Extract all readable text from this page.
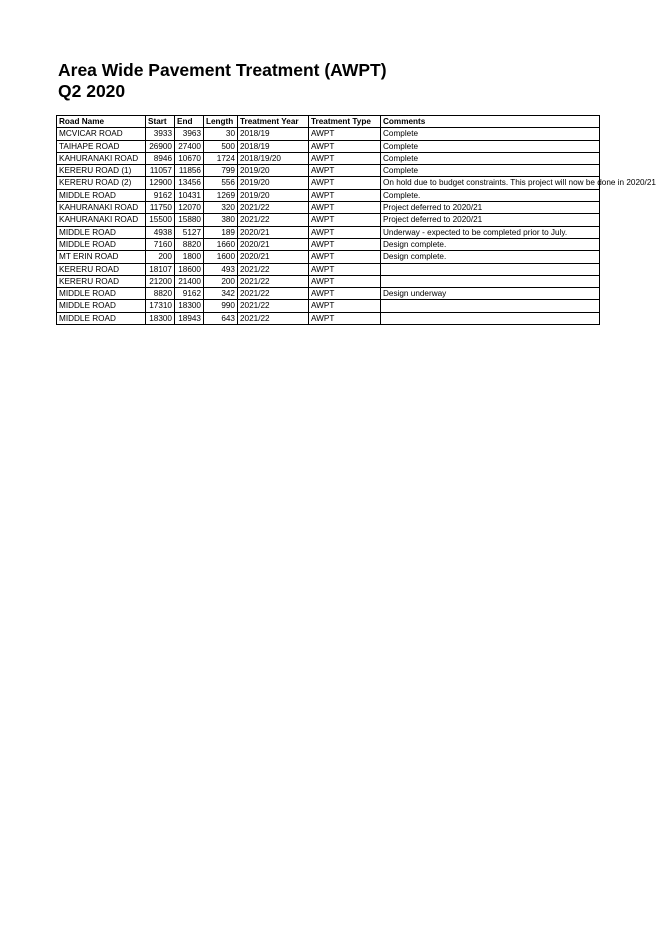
Area Wide Pavement Treatment (AWPT)
Q2 2020
Road Name	Start	End	Length	Treatment Year	Treatment Type	Comments
MCVICAR ROAD	3933	3963	30	2018/19	AWPT	Complete
TAIHAPE ROAD	26900	27400	500	2018/19	AWPT	Complete
KAHURANAKI ROAD	8946	10670	1724	2018/19/20	AWPT	Complete
KERERU ROAD (1)	11057	11856	799	2019/20	AWPT	Complete
KERERU ROAD (2)	12900	13456	556	2019/20	AWPT	On hold due to budget constraints. This project will now be done in 2020/21
MIDDLE ROAD	9162	10431	1269	2019/20	AWPT	Complete.
KAHURANAKI ROAD	11750	12070	320	2021/22	AWPT	Project deferred to 2020/21
KAHURANAKI ROAD	15500	15880	380	2021/22	AWPT	Project deferred to 2020/21
MIDDLE ROAD	4938	5127	189	2020/21	AWPT	Underway - expected to be completed prior to July.
MIDDLE ROAD	7160	8820	1660	2020/21	AWPT	Design complete.
MT ERIN ROAD	200	1800	1600	2020/21	AWPT	Design complete.
KERERU ROAD	18107	18600	493	2021/22	AWPT	
KERERU ROAD	21200	21400	200	2021/22	AWPT	
MIDDLE ROAD	8820	9162	342	2021/22	AWPT	Design underway
MIDDLE ROAD	17310	18300	990	2021/22	AWPT	
MIDDLE ROAD	18300	18943	643	2021/22	AWPT	
